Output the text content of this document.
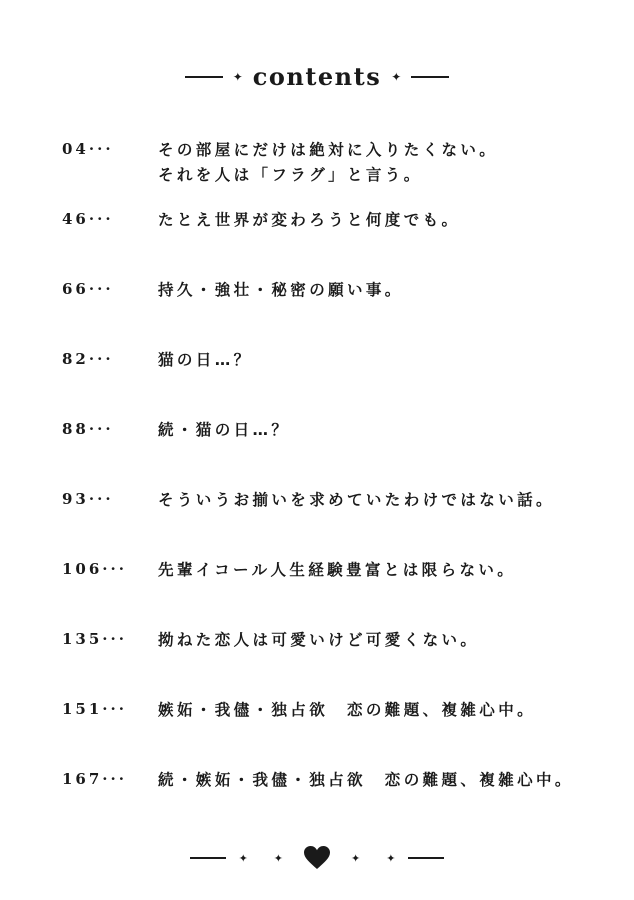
✦ contents ✦
04···	その部屋にだけは絶対に入りたくない。
それを人は「フラグ」と言う。
46···	たとえ世界が変わろうと何度でも。
66···	持久・強壮・秘密の願い事。
82···	猫の日…？
88···	続・猫の日…？
93···	そういうお揃いを求めていたわけではない話。
106···	先輩イコール人生経験豊富とは限らない。
135···	拗ねた恋人は可愛いけど可愛くない。
151···	嫉妬・我儘・独占欲　恋の難題、複雑心中。
167···	続・嫉妬・我儘・独占欲　恋の難題、複雑心中。
✦ ✦	✦ ✦
